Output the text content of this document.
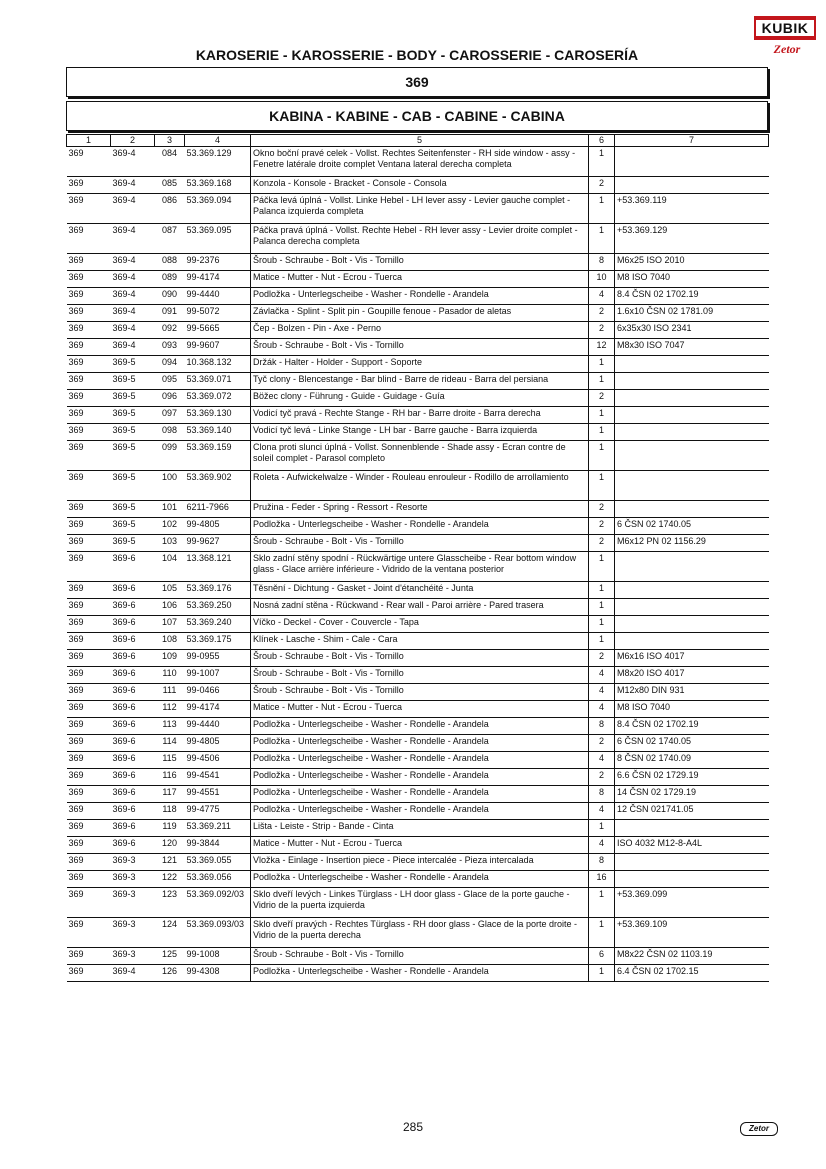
KUBIK
Zetor
KAROSERIE - KAROSSERIE - BODY - CAROSSERIE - CAROSERÍA
369
KABINA - KABINE - CAB - CABINE - CABINA
1	2	3	4	5	6	7
369	369-4	084	53.369.129	Okno boční pravé celek - Vollst. Rechtes Seitenfenster - RH side window - assy - Fenetre latérale droite complet Ventana lateral derecha completa	1	
369	369-4	085	53.369.168	Konzola - Konsole - Bracket - Console - Consola	2	
369	369-4	086	53.369.094	Páčka levá úplná - Vollst. Linke Hebel - LH lever assy - Levier gauche complet - Palanca izquierda completa	1	+53.369.119
369	369-4	087	53.369.095	Páčka pravá úplná - Vollst. Rechte Hebel - RH lever assy - Levier droite complet - Palanca derecha completa	1	+53.369.129
369	369-4	088	99-2376	Šroub - Schraube - Bolt - Vis - Tornillo	8	M6x25 ISO 2010
369	369-4	089	99-4174	Matice - Mutter - Nut - Ecrou - Tuerca	10	M8 ISO 7040
369	369-4	090	99-4440	Podložka - Unterlegscheibe - Washer - Rondelle - Arandela	4	8.4 ČSN 02 1702.19
369	369-4	091	99-5072	Závlačka - Splint - Split pin - Goupille fenoue - Pasador de aletas	2	1.6x10 ČSN 02 1781.09
369	369-4	092	99-5665	Čep - Bolzen - Pin - Axe - Perno	2	6x35x30 ISO 2341
369	369-4	093	99-9607	Šroub - Schraube - Bolt - Vis - Tornillo	12	M8x30 ISO 7047
369	369-5	094	10.368.132	Držák - Halter - Holder - Support - Soporte	1	
369	369-5	095	53.369.071	Tyč clony - Blencestange - Bar blind - Barre de rideau - Barra del persiana	1	
369	369-5	096	53.369.072	Böžec clony - Führung - Guide - Guidage - Guía	2	
369	369-5	097	53.369.130	Vodicí tyč pravá - Rechte Stange - RH bar - Barre droite - Barra derecha	1	
369	369-5	098	53.369.140	Vodicí tyč levá - Linke Stange - LH bar - Barre gauche - Barra izquierda	1	
369	369-5	099	53.369.159	Clona proti slunci úplná - Vollst. Sonnenblende - Shade assy - Ecran contre de soleil complet - Parasol completo	1	
369	369-5	100	53.369.902	Roleta - Aufwickelwalze - Winder - Rouleau enrouleur - Rodillo de arrollamiento	1	
369	369-5	101	6211-7966	Pružina - Feder - Spring - Ressort - Resorte	2	
369	369-5	102	99-4805	Podložka - Unterlegscheibe - Washer - Rondelle - Arandela	2	6 ČSN 02 1740.05
369	369-5	103	99-9627	Šroub - Schraube - Bolt - Vis - Tornillo	2	M6x12 PN 02 1156.29
369	369-6	104	13.368.121	Sklo zadní stěny spodní - Rückwärtige untere Glasscheibe - Rear bottom window glass - Glace arrière inférieure - Vidrido de la ventana posterior	1	
369	369-6	105	53.369.176	Těsnění - Dichtung - Gasket - Joint d'étanchéité - Junta	1	
369	369-6	106	53.369.250	Nosná zadní stěna - Rückwand - Rear wall - Paroi arrière - Pared trasera	1	
369	369-6	107	53.369.240	Víčko - Deckel - Cover - Couvercle - Tapa	1	
369	369-6	108	53.369.175	Klínek - Lasche - Shim - Cale - Cara	1	
369	369-6	109	99-0955	Šroub - Schraube - Bolt - Vis - Tornillo	2	M6x16 ISO 4017
369	369-6	110	99-1007	Šroub - Schraube - Bolt - Vis - Tornillo	4	M8x20 ISO 4017
369	369-6	111	99-0466	Šroub - Schraube - Bolt - Vis - Tornillo	4	M12x80 DIN 931
369	369-6	112	99-4174	Matice - Mutter - Nut - Ecrou - Tuerca	4	M8 ISO 7040
369	369-6	113	99-4440	Podložka - Unterlegscheibe - Washer - Rondelle - Arandela	8	8.4 ČSN 02 1702.19
369	369-6	114	99-4805	Podložka - Unterlegscheibe - Washer - Rondelle - Arandela	2	6 ČSN 02 1740.05
369	369-6	115	99-4506	Podložka - Unterlegscheibe - Washer - Rondelle - Arandela	4	8 ČSN 02 1740.09
369	369-6	116	99-4541	Podložka - Unterlegscheibe - Washer - Rondelle - Arandela	2	6.6 ČSN 02 1729.19
369	369-6	117	99-4551	Podložka - Unterlegscheibe - Washer - Rondelle - Arandela	8	14 ČSN 02 1729.19
369	369-6	118	99-4775	Podložka - Unterlegscheibe - Washer - Rondelle - Arandela	4	12 ČSN 021741.05
369	369-6	119	53.369.211	Lišta - Leiste - Strip - Bande - Cinta	1	
369	369-6	120	99-3844	Matice - Mutter - Nut - Ecrou - Tuerca	4	ISO 4032 M12-8-A4L
369	369-3	121	53.369.055	Vložka - Einlage - Insertion piece - Piece intercalée - Pieza intercalada	8	
369	369-3	122	53.369.056	Podložka - Unterlegscheibe - Washer - Rondelle - Arandela	16	
369	369-3	123	53.369.092/03	Sklo dveří levých - Linkes Türglass - LH door glass - Glace de la porte gauche - Vidrio de la puerta izquierda	1	+53.369.099
369	369-3	124	53.369.093/03	Sklo dveří pravých - Rechtes Türglass - RH door glass - Glace de la porte droite - Vidrio de la puerta derecha	1	+53.369.109
369	369-3	125	99-1008	Šroub - Schraube - Bolt - Vis - Tornillo	6	M8x22 ČSN 02 1103.19
369	369-4	126	99-4308	Podložka - Unterlegscheibe - Washer - Rondelle - Arandela	1	6.4 ČSN 02 1702.15
285	Zetor
